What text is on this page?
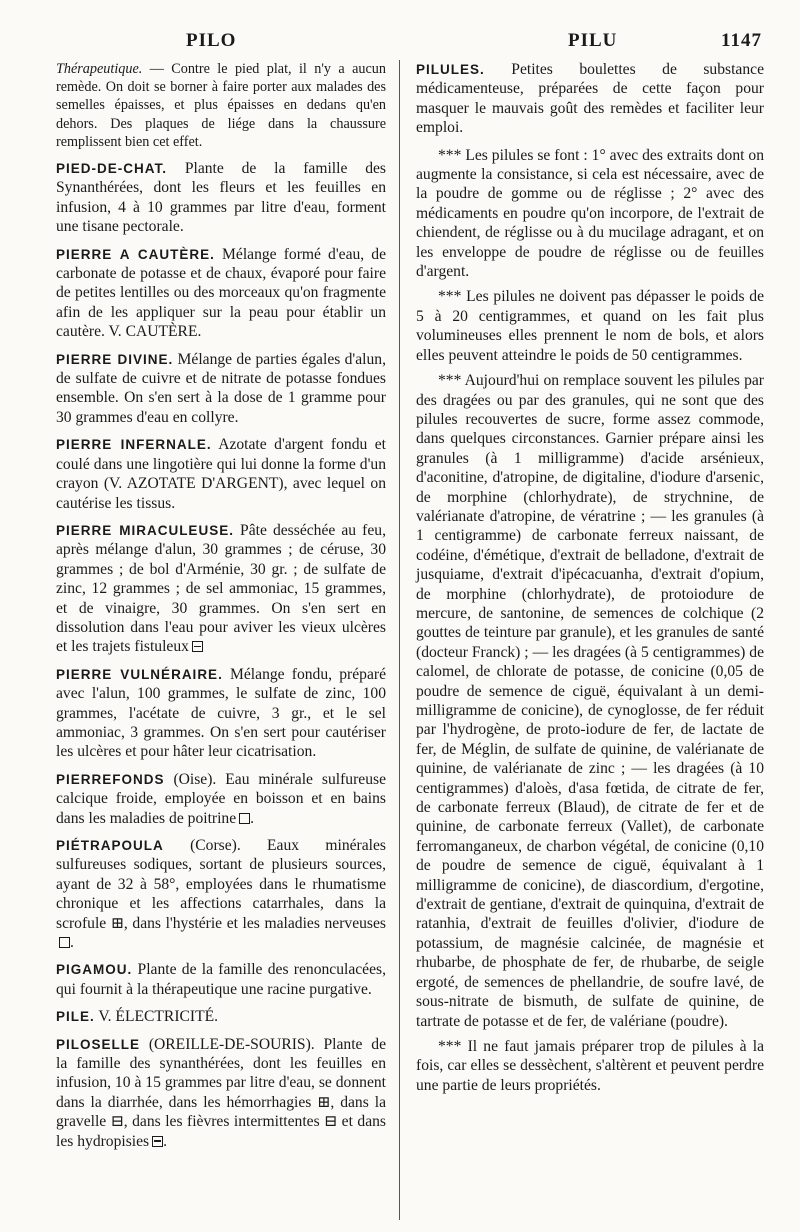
PILO	PILU	1147

Thérapeutique. — Contre le pied plat, il n'y a aucun remède. On doit se borner à faire porter aux malades des semelles épaisses, et plus épaisses en dedans qu'en dehors. Des plaques de liége dans la chaussure remplissent bien cet effet.

PIED-DE-CHAT. Plante de la famille des Synanthérées, dont les fleurs et les feuilles en infusion, 4 à 10 grammes par litre d'eau, forment une tisane pectorale.

PIERRE A CAUTÈRE. Mélange formé d'eau, de carbonate de potasse et de chaux, évaporé pour faire de petites lentilles ou des morceaux qu'on fragmente afin de les appliquer sur la peau pour établir un cautère. V. CAUTÈRE.

PIERRE DIVINE. Mélange de parties égales d'alun, de sulfate de cuivre et de nitrate de potasse fondues ensemble. On s'en sert à la dose de 1 gramme pour 30 grammes d'eau en collyre.

PIERRE INFERNALE. Azotate d'argent fondu et coulé dans une lingotière qui lui donne la forme d'un crayon (V. AZOTATE D'ARGENT), avec lequel on cautérise les tissus.

PIERRE MIRACULEUSE. Pâte desséchée au feu, après mélange d'alun, 30 grammes ; de céruse, 30 grammes ; de bol d'Arménie, 30 gr. ; de sulfate de zinc, 12 grammes ; de sel ammoniac, 15 grammes, et de vinaigre, 30 grammes. On s'en sert en dissolution dans l'eau pour aviver les vieux ulcères et les trajets fistuleux

PIERRE VULNÉRAIRE. Mélange fondu, préparé avec l'alun, 100 grammes, le sulfate de zinc, 100 grammes, l'acétate de cuivre, 3 gr., et le sel ammoniac, 3 grammes. On s'en sert pour cautériser les ulcères et pour hâter leur cicatrisation.

PIERREFONDS (Oise). Eau minérale sulfureuse calcique froide, employée en boisson et en bains dans les maladies de poitrine .

PIÉTRAPOULA (Corse). Eaux minérales sulfureuses sodiques, sortant de plusieurs sources, ayant de 32 à 58°, employées dans le rhumatisme chronique et les affections catarrhales, dans la scrofule ⊞, dans l'hystérie et les maladies nerveuses.

PIGAMOU. Plante de la famille des renonculacées, qui fournit à la thérapeutique une racine purgative.

PILE. V. ÉLECTRICITÉ.

PILOSELLE (OREILLE-DE-SOURIS). Plante de la famille des synanthérées, dont les feuilles en infusion, 10 à 15 grammes par litre d'eau, se donnent dans la diarrhée, dans les hémorrhagies ⊞, dans la gravelle ⊟, dans les fièvres intermittentes ⊟ et dans les hydropisies .

PILULES. Petites boulettes de substance médicamenteuse, préparées de cette façon pour masquer le mauvais goût des remèdes et faciliter leur emploi.

*** Les pilules se font : 1° avec des extraits dont on augmente la consistance, si cela est nécessaire, avec de la poudre de gomme ou de réglisse ; 2° avec des médicaments en poudre qu'on incorpore, de l'extrait de chiendent, de réglisse ou à du mucilage adragant, et on les enveloppe de poudre de réglisse ou de feuilles d'argent.

*** Les pilules ne doivent pas dépasser le poids de 5 à 20 centigrammes, et quand on les fait plus volumineuses elles prennent le nom de bols, et alors elles peuvent atteindre le poids de 50 centigrammes.

*** Aujourd'hui on remplace souvent les pilules par des dragées ou par des granules, qui ne sont que des pilules recouvertes de sucre, forme assez commode, dans quelques circonstances. Garnier prépare ainsi les granules (à 1 milligramme) d'acide arsénieux, d'aconitine, d'atropine, de digitaline, d'iodure d'arsenic, de morphine (chlorhydrate), de strychnine, de valérianate d'atropine, de vératrine ; — les granules (à 1 centigramme) de carbonate ferreux naissant, de codéine, d'émétique, d'extrait de belladone, d'extrait de jusquiame, d'extrait d'ipécacuanha, d'extrait d'opium, de morphine (chlorhydrate), de protoiodure de mercure, de santonine, de semences de colchique (2 gouttes de teinture par granule), et les granules de santé (docteur Franck) ; — les dragées (à 5 centigrammes) de calomel, de chlorate de potasse, de conicine (0,05 de poudre de semence de ciguë, équivalant à un demi-milligramme de conicine), de cynoglosse, de fer réduit par l'hydrogène, de proto-iodure de fer, de lactate de fer, de Méglin, de sulfate de quinine, de valérianate de quinine, de valérianate de zinc ; — les dragées (à 10 centigrammes) d'aloès, d'asa fœtida, de citrate de fer, de carbonate ferreux (Blaud), de citrate de fer et de quinine, de carbonate ferreux (Vallet), de carbonate ferromanganeux, de charbon végétal, de conicine (0,10 de poudre de semence de ciguë, équivalant à 1 milligramme de conicine), de diascordium, d'ergotine, d'extrait de gentiane, d'extrait de quinquina, d'extrait de ratanhia, d'extrait de feuilles d'olivier, d'iodure de potassium, de magnésie calcinée, de magnésie et rhubarbe, de phosphate de fer, de rhubarbe, de seigle ergoté, de semences de phellandrie, de soufre lavé, de sous-nitrate de bismuth, de sulfate de quinine, de tartrate de potasse et de fer, de valériane (poudre).

*** Il ne faut jamais préparer trop de pilules à la fois, car elles se dessèchent, s'altèrent et peuvent perdre une partie de leurs propriétés.
